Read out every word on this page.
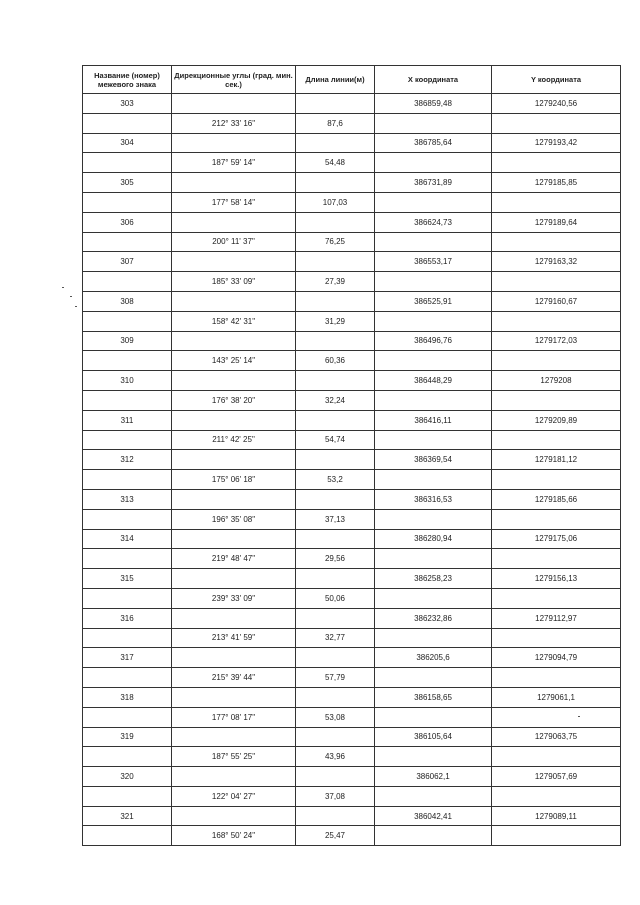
Название (номер) межевого знака	Дирекционные углы (град. мин. сек.)	Длина линии(м)	X координата	Y координата
303			386859,48	1279240,56
	212° 33' 16"	87,6		
304			386785,64	1279193,42
	187° 59' 14"	54,48		
305			386731,89	1279185,85
	177° 58' 14"	107,03		
306			386624,73	1279189,64
	200° 11' 37"	76,25		
307			386553,17	1279163,32
	185° 33' 09"	27,39		
308			386525,91	1279160,67
	158° 42' 31"	31,29		
309			386496,76	1279172,03
	143° 25' 14"	60,36		
310			386448,29	1279208
	176° 38' 20"	32,24		
311			386416,11	1279209,89
	211° 42' 25"	54,74		
312			386369,54	1279181,12
	175° 06' 18"	53,2		
313			386316,53	1279185,66
	196° 35' 08"	37,13		
314			386280,94	1279175,06
	219° 48' 47"	29,56		
315			386258,23	1279156,13
	239° 33' 09"	50,06		
316			386232,86	1279112,97
	213° 41' 59"	32,77		
317			386205,6	1279094,79
	215° 39' 44"	57,79		
318			386158,65	1279061,1
	177° 08' 17"	53,08		
319			386105,64	1279063,75
	187° 55' 25"	43,96		
320			386062,1	1279057,69
	122° 04' 27"	37,08		
321			386042,41	1279089,11
	168° 50' 24"	25,47		
